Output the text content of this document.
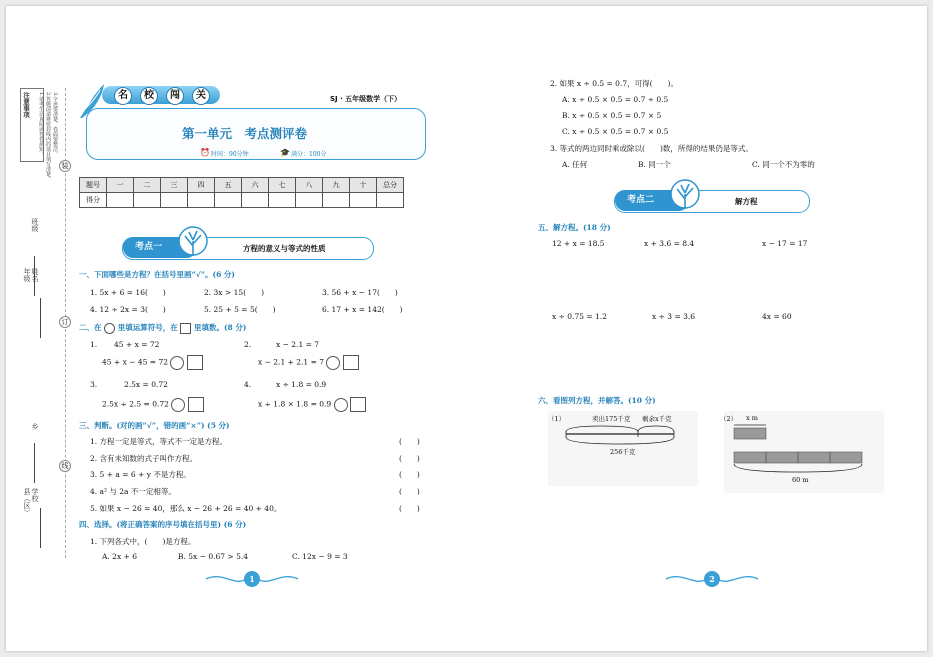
注意事项 1.请考生认真阅读答卷须知。 2.答题前请将密封线内的项目填写清楚。 3.字迹要清楚、卷面要整洁。
装
订
线
班级
年级 姓名
乡
县（区） 学校
名	校	闯	关	SJ · 五年级数学（下）
第一单元　考点测评卷
⏰ 时间：90分钟	🎓 满分：100分
题号	一	二	三	四	五	六	七	八	九	十	总分
得分											
考点一	方程的意义与等式的性质
一、下面哪些是方程？在括号里画“√”。(6 分)
1. 5x + 6 = 16(　　)	2. 3x > 15(　　)	3. 56 + x − 17(　　)
4. 12 ÷ 2x = 3(　　)	5. 25 + 5 = 5(　　)	6. 17 + x = 142(　　)
二、在 里填运算符号，在 里填数。(8 分)
1. 45 + x = 72
45 + x − 45 = 72
2.	x − 2.1 = 7
x − 2.1 + 2.1 = 7
3.	2.5x = 0.72
2.5x ÷ 2.5 = 0.72
4.	x ÷ 1.8 = 0.9
x ÷ 1.8 × 1.8 = 0.9
三、判断。(对的画“√”，错的画“×”) (5 分)
1. 方程一定是等式，等式不一定是方程。	(　　)
2. 含有未知数的式子叫作方程。	(　　)
3. 5 + a = 6 + y 不是方程。	(　　)
4. a² 与 2a 不一定相等。	(　　)
5. 如果 x − 26 = 40，那么 x − 26 + 26 = 40 + 40。	(　　)
四、选择。(将正确答案的序号填在括号里) (6 分)
1. 下列各式中，(　　)是方程。
A. 2x + 6	B. 5x − 0.67 > 5.4	C. 12x − 9 = 3
1
2. 如果 x ÷ 0.5 = 0.7，可得(　　)。
A. x ÷ 0.5 × 0.5 = 0.7 ÷ 0.5
B. x ÷ 0.5 × 0.5 = 0.7 × 5
C. x ÷ 0.5 × 0.5 = 0.7 × 0.5
3. 等式的两边同时乘或除以(　　)数，所得的结果仍是等式。
A. 任何	B. 同一个	C. 同一个不为零的
考点二	解方程
五、解方程。(18 分)
12 + x = 18.5	x + 3.6 = 8.4	x − 17 = 17
x ÷ 0.75 = 1.2	x ÷ 3 = 3.6	4x = 60
六、看图列方程，并解答。(10 分)
（1）	卖出175千克 剩余x千克
256千克
（2） x m
60 m
2
